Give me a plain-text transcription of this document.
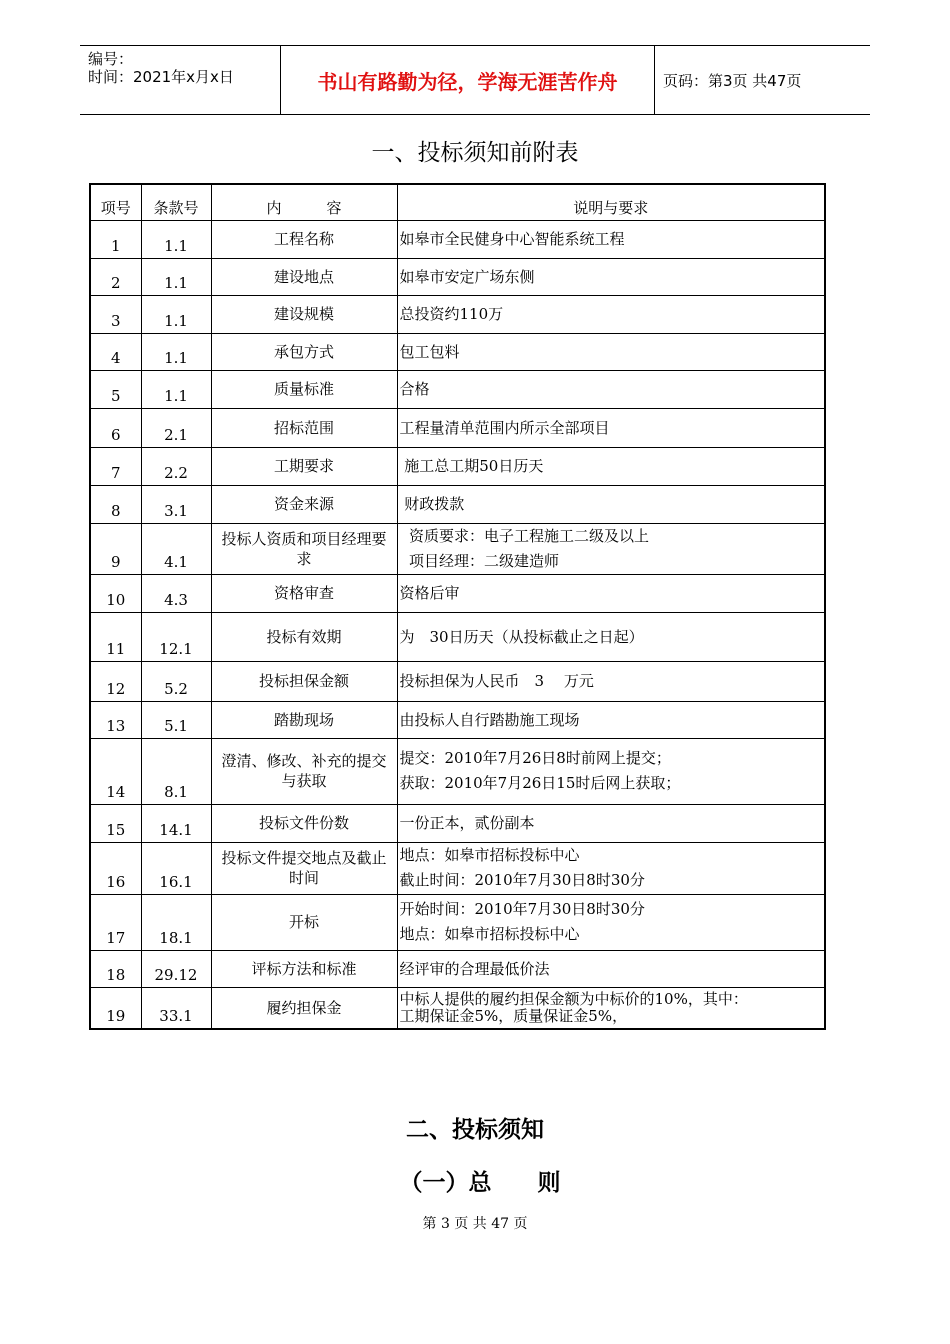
编号：
时间：2021年x月x日	书山有路勤为径，学海无涯苦作舟	页码：第3页 共47页
一、投标须知前附表
项号	条款号	内　　　容	说明与要求
1	1.1	工程名称	如皋市全民健身中心智能系统工程

2	1.1	建设地点	如皋市安定广场东侧

3	1.1	建设规模	总投资约110万

4	1.1	承包方式	包工包料

5	1.1	质量标准	合格

6	2.1	招标范围	工程量清单范围内所示全部项目

7	2.2	工期要求	施工总工期50日历天

8	3.1	资金来源	财政拨款

9	4.1	投标人资质和项目经理要求	资质要求：电子工程施工二级及以上
项目经理：二级建造师

10	4.3	资格审查	资格后审

11	12.1	投标有效期	为　30日历天（从投标截止之日起）

12	5.2	投标担保金额	投标担保为人民币　3　 万元

13	5.1	踏勘现场	由投标人自行踏勘施工现场

14	8.1	澄清、修改、补充的提交与获取	提交：2010年7月26日8时前网上提交；
获取：2010年7月26日15时后网上获取；

15	14.1	投标文件份数	一份正本，贰份副本

16	16.1	投标文件提交地点及截止时间	地点：如皋市招标投标中心
截止时间：2010年7月30日8时30分

17	18.1	开标	开始时间：2010年7月30日8时30分
地点：如皋市招标投标中心

18	29.12	评标方法和标准	经评审的合理最低价法

19	33.1	履约担保金	中标人提供的履约担保金额为中标价的10%，其中：
工期保证金5%，质量保证金5%，
二、投标须知
（一）总　　则
第 3 页 共 47 页
